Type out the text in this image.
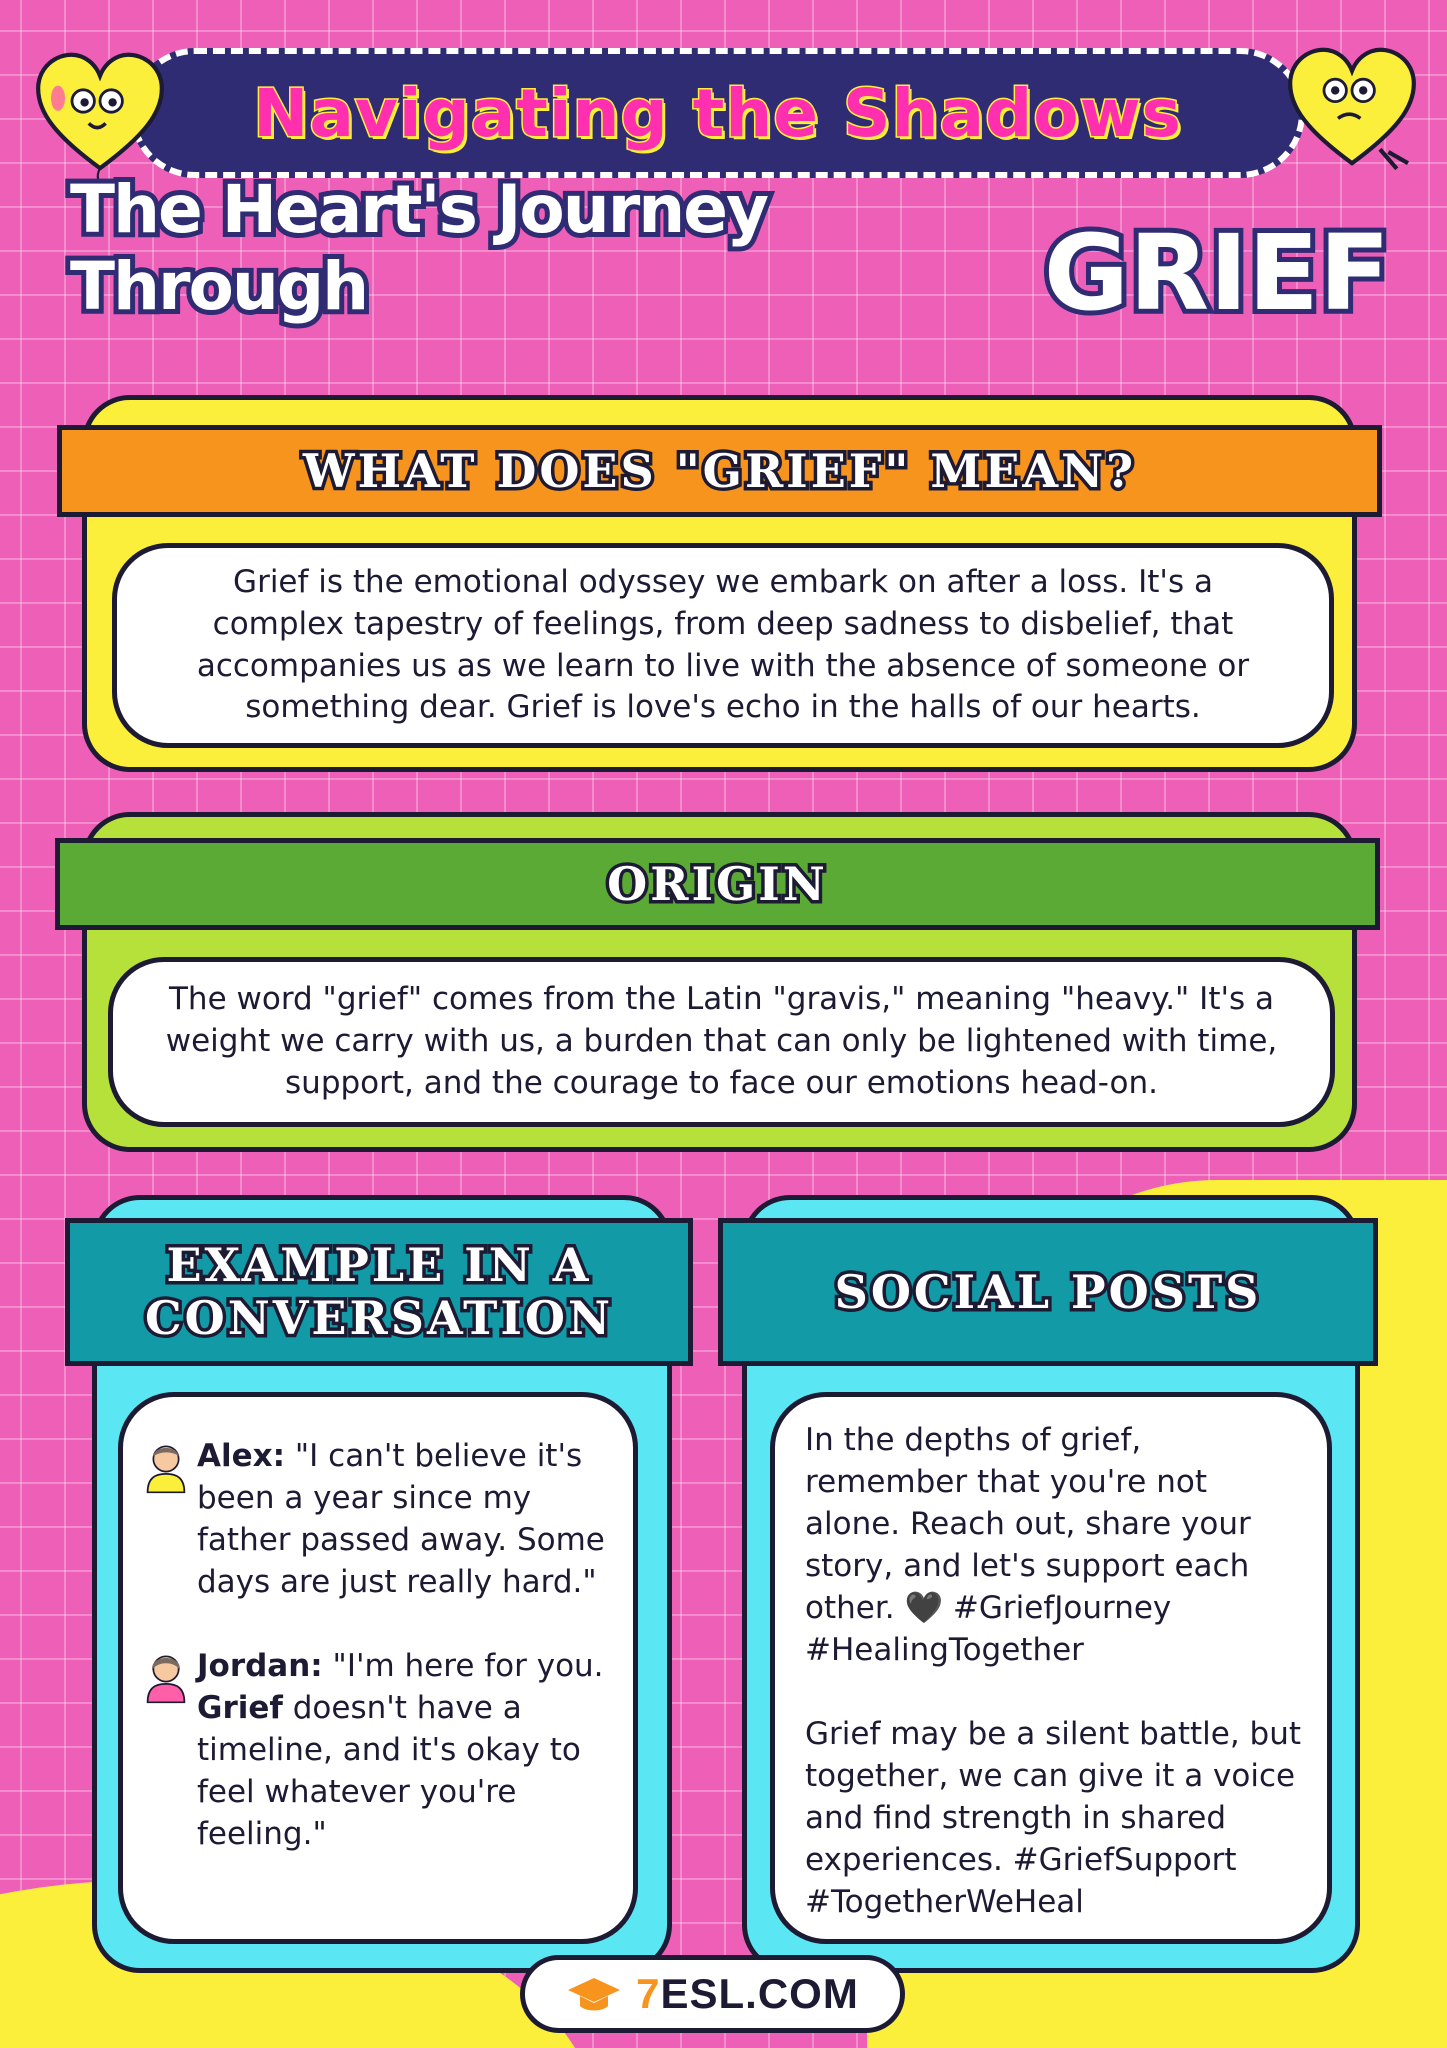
Navigating the Shadows
The Heart's Journey Through	GRIEF
WHAT DOES "GRIEF" MEAN?
Grief is the emotional odyssey we embark on after a loss. It's a complex tapestry of feelings, from deep sadness to disbelief, that accompanies us as we learn to live with the absence of someone or something dear. Grief is love's echo in the halls of our hearts.
ORIGIN
The word "grief" comes from the Latin "gravis," meaning "heavy." It's a weight we carry with us, a burden that can only be lightened with time, support, and the courage to face our emotions head-on.
EXAMPLE IN A CONVERSATION
Alex: "I can't believe it's been a year since my father passed away. Some days are just really hard."
Jordan: "I'm here for you. Grief doesn't have a timeline, and it's okay to feel whatever you're feeling."
SOCIAL POSTS
In the depths of grief, remember that you're not alone. Reach out, share your story, and let's support each other. 🖤 #GriefJourney #HealingTogether
Grief may be a silent battle, but together, we can give it a voice and find strength in shared experiences. #GriefSupport #TogetherWeHeal
7ESL.COM
